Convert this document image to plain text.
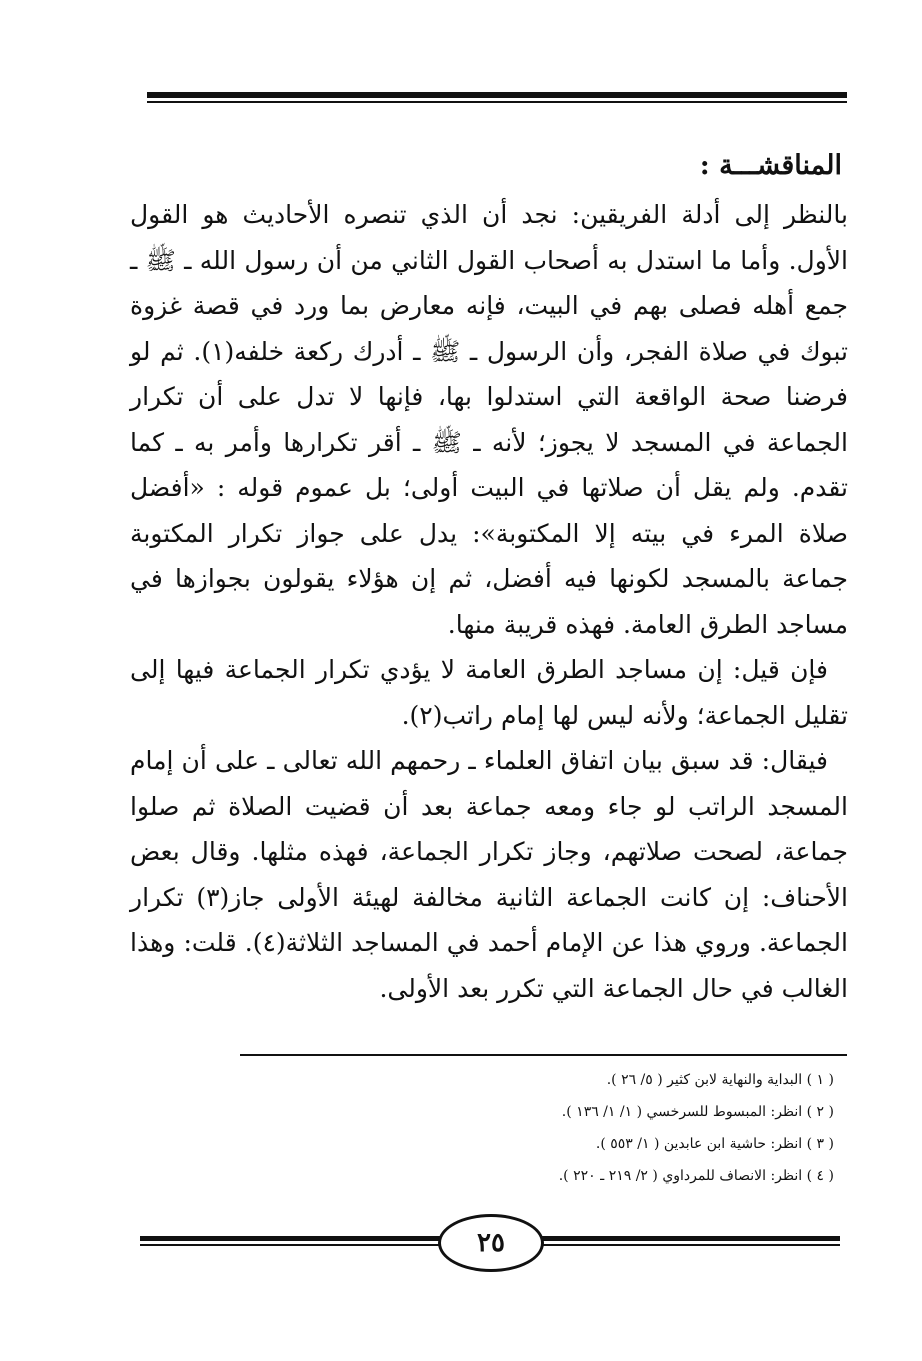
المناقشـــة :

بالنظر إلى أدلة الفريقين: نجد أن الذي تنصره الأحاديث هو القول الأول. وأما ما استدل به أصحاب القول الثاني من أن رسول الله ـ ﷺ ـ جمع أهله فصلى بهم في البيت، فإنه معارض بما ورد في قصة غزوة تبوك في صلاة الفجر، وأن الرسول ـ ﷺ ـ أدرك ركعة خلفه(١). ثم لو فرضنا صحة الواقعة التي استدلوا بها، فإنها لا تدل على أن تكرار الجماعة في المسجد لا يجوز؛ لأنه ـ ﷺ ـ أقر تكرارها وأمر به ـ كما تقدم. ولم يقل أن صلاتها في البيت أولى؛ بل عموم قوله : «أفضل صلاة المرء في بيته إلا المكتوبة»: يدل على جواز تكرار المكتوبة جماعة بالمسجد لكونها فيه أفضل، ثم إن هؤلاء يقولون بجوازها في مساجد الطرق العامة. فهذه قريبة منها.

فإن قيل: إن مساجد الطرق العامة لا يؤدي تكرار الجماعة فيها إلى تقليل الجماعة؛ ولأنه ليس لها إمام راتب(٢).

فيقال: قد سبق بيان اتفاق العلماء ـ رحمهم الله تعالى ـ على أن إمام المسجد الراتب لو جاء ومعه جماعة بعد أن قضيت الصلاة ثم صلوا جماعة، لصحت صلاتهم، وجاز تكرار الجماعة، فهذه مثلها. وقال بعض الأحناف: إن كانت الجماعة الثانية مخالفة لهيئة الأولى جاز(٣) تكرار الجماعة. وروي هذا عن الإمام أحمد في المساجد الثلاثة(٤). قلت: وهذا الغالب في حال الجماعة التي تكرر بعد الأولى.

( ١ ) البداية والنهاية لابن كثير ( ٥/ ٢٦ ).
( ٢ ) انظر: المبسوط للسرخسي ( ١/ ١/ ١٣٦ ).
( ٣ ) انظر: حاشية ابن عابدين ( ١/ ٥٥٣ ).
( ٤ ) انظر: الانصاف للمرداوي ( ٢/ ٢١٩ ـ ٢٢٠ ).
٢٥
